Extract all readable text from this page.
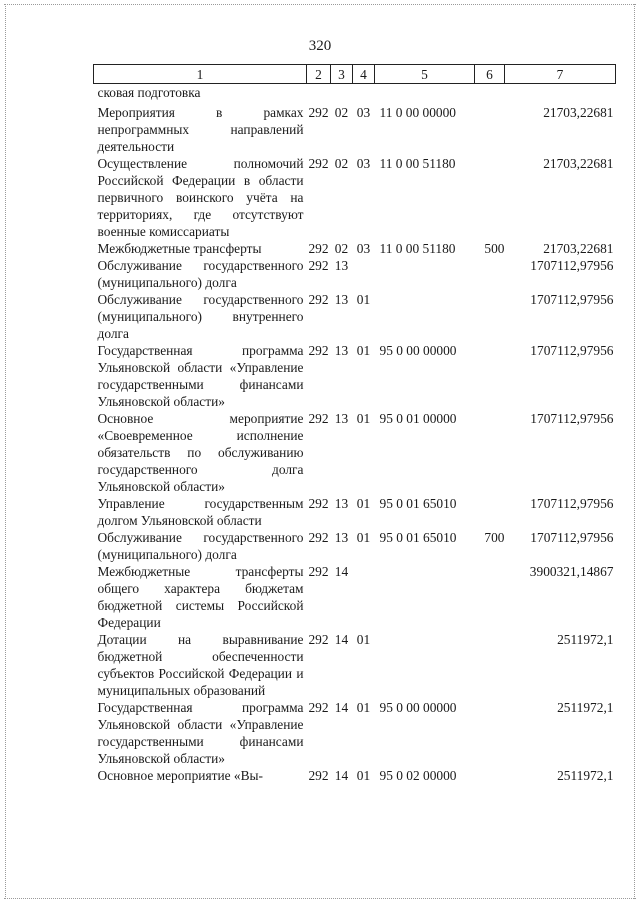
320
1	2	3	4	5	6	7
сковая подготовка						

Мероприятия в рамках непрограммных направлений деятельности	292	02	03	11 0 00 00000		21703,22681
Осуществление полномочий Российской Федерации в области первичного воинского учёта на территориях, где отсутствуют военные комиссариаты	292	02	03	11 0 00 51180		21703,22681
Межбюджетные трансферты	292	02	03	11 0 00 51180	500	21703,22681
Обслуживание государственного (муниципального) долга	292	13				1707112,97956
Обслуживание государственного (муниципального) внутреннего долга	292	13	01			1707112,97956
Государственная программа Ульяновской области «Управление государственными финансами Ульяновской области»	292	13	01	95 0 00 00000		1707112,97956
Основное мероприятие «Своевременное исполнение обязательств по обслуживанию государственного долга Ульяновской области»	292	13	01	95 0 01 00000		1707112,97956
Управление государственным долгом Ульяновской области	292	13	01	95 0 01 65010		1707112,97956
Обслуживание государственного (муниципального) долга	292	13	01	95 0 01 65010	700	1707112,97956
Межбюджетные трансферты общего характера бюджетам бюджетной системы Российской Федерации	292	14				3900321,14867
Дотации на выравнивание бюджетной обеспеченности субъектов Российской Федерации и муниципальных образований	292	14	01			2511972,1
Государственная программа Ульяновской области «Управление государственными финансами Ульяновской области»	292	14	01	95 0 00 00000		2511972,1
Основное мероприятие «Вы-	292	14	01	95 0 02 00000		2511972,1
